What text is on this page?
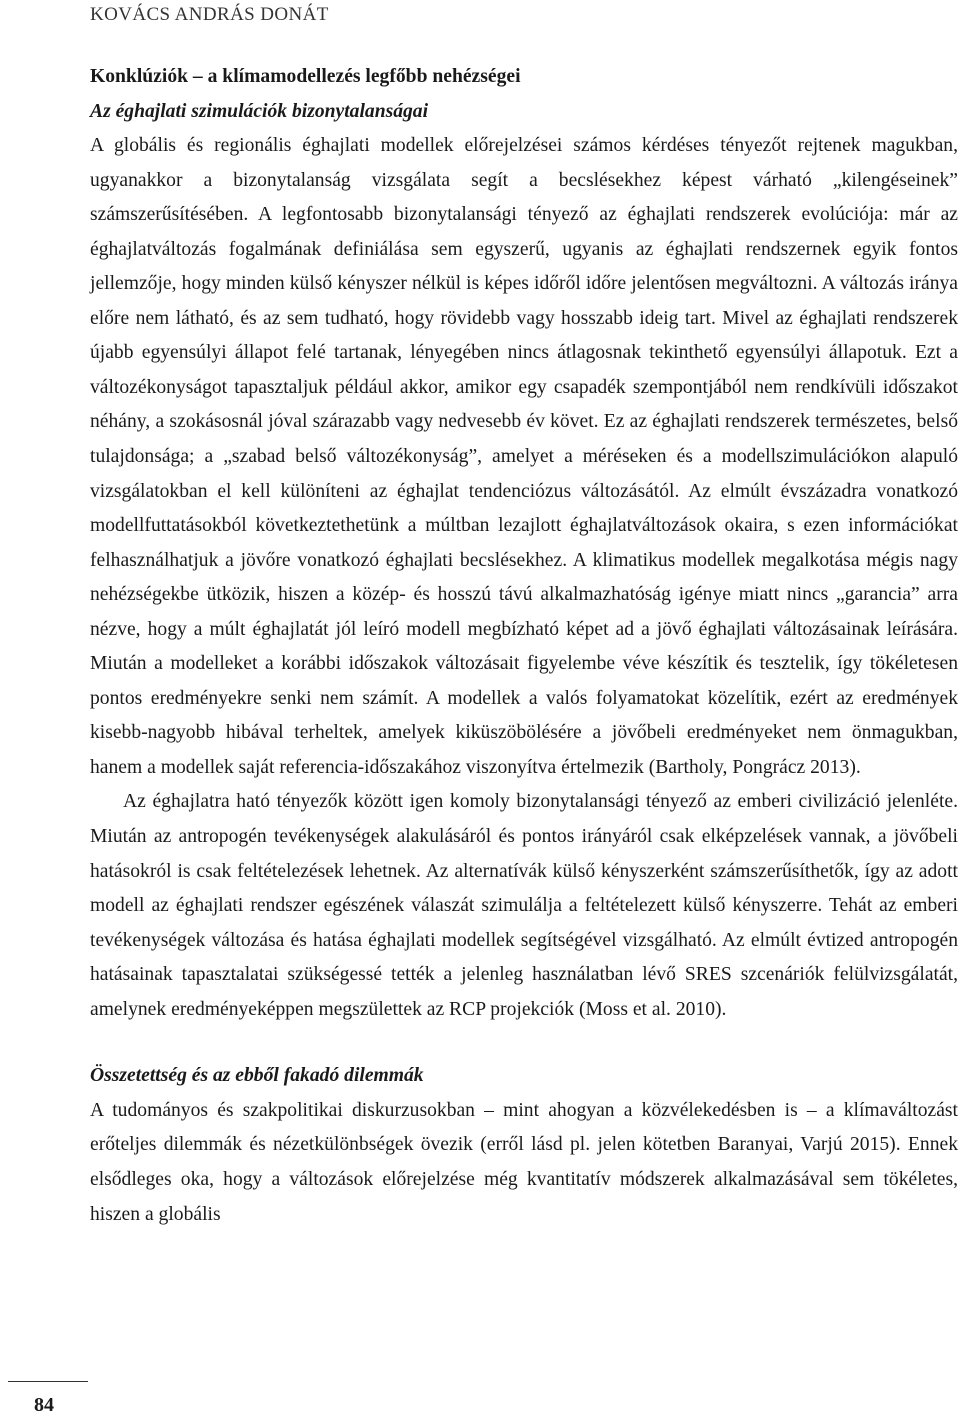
KOVÁCS ANDRÁS DONÁT

Konklúziók – a klímamodellezés legfőbb nehézségei

Az éghajlati szimulációk bizonytalanságai

A globális és regionális éghajlati modellek előrejelzései számos kérdéses tényezőt rejtenek magukban, ugyanakkor a bizonytalanság vizsgálata segít a becslésekhez képest várható „kilengéseinek” számszerűsítésében. A legfontosabb bizonytalansági tényező az éghajlati rendszerek evolúciója: már az éghajlatváltozás fogalmának definiálása sem egyszerű, ugyanis az éghajlati rendszernek egyik fontos jellemzője, hogy minden külső kényszer nélkül is képes időről időre jelentősen megváltozni. A változás iránya előre nem látható, és az sem tudható, hogy rövidebb vagy hosszabb ideig tart. Mivel az éghajlati rendszerek újabb egyensúlyi állapot felé tartanak, lényegében nincs átlagosnak tekinthető egyensúlyi állapotuk. Ezt a változékonyságot tapasztaljuk például akkor, amikor egy csapadék szempontjából nem rendkívüli időszakot néhány, a szokásosnál jóval szárazabb vagy nedvesebb év követ. Ez az éghajlati rendszerek természetes, belső tulajdonsága; a „szabad belső változékonyság”, amelyet a méréseken és a modellszimulációkon alapuló vizsgálatokban el kell különíteni az éghajlat tendenciózus változásától. Az elmúlt évszázadra vonatkozó modellfuttatásokból következtethetünk a múltban lezajlott éghajlatváltozások okaira, s ezen információkat felhasználhatjuk a jövőre vonatkozó éghajlati becslésekhez. A klimatikus modellek megalkotása mégis nagy nehézségekbe ütközik, hiszen a közép- és hosszú távú alkalmazhatóság igénye miatt nincs „garancia” arra nézve, hogy a múlt éghajlatát jól leíró modell megbízható képet ad a jövő éghajlati változásainak leírására. Miután a modelleket a korábbi időszakok változásait figyelembe véve készítik és tesztelik, így tökéletesen pontos eredményekre senki nem számít. A modellek a valós folyamatokat közelítik, ezért az eredmények kisebb-nagyobb hibával terheltek, amelyek kiküszöbölésére a jövőbeli eredményeket nem önmagukban, hanem a modellek saját referencia-időszakához viszonyítva értelmezik (Bartholy, Pongrácz 2013).

Az éghajlatra ható tényezők között igen komoly bizonytalansági tényező az emberi civilizáció jelenléte. Miután az antropogén tevékenységek alakulásáról és pontos irányáról csak elképzelések vannak, a jövőbeli hatásokról is csak feltételezések lehetnek. Az alternatívák külső kényszerként számszerűsíthetők, így az adott modell az éghajlati rendszer egészének válaszát szimulálja a feltételezett külső kényszerre. Tehát az emberi tevékenységek változása és hatása éghajlati modellek segítségével vizsgálható. Az elmúlt évtized antropogén hatásainak tapasztalatai szükségessé tették a jelenleg használatban lévő SRES szcenáriók felülvizsgálatát, amelynek eredményeképpen megszülettek az RCP projekciók (Moss et al. 2010).

Összetettség és az ebből fakadó dilemmák

A tudományos és szakpolitikai diskurzusokban – mint ahogyan a közvélekedésben is – a klímaváltozást erőteljes dilemmák és nézetkülönbségek övezik (erről lásd pl. jelen kötetben Baranyai, Varjú 2015). Ennek elsődleges oka, hogy a változások előrejelzése még kvantitatív módszerek alkalmazásával sem tökéletes, hiszen a globális

84
